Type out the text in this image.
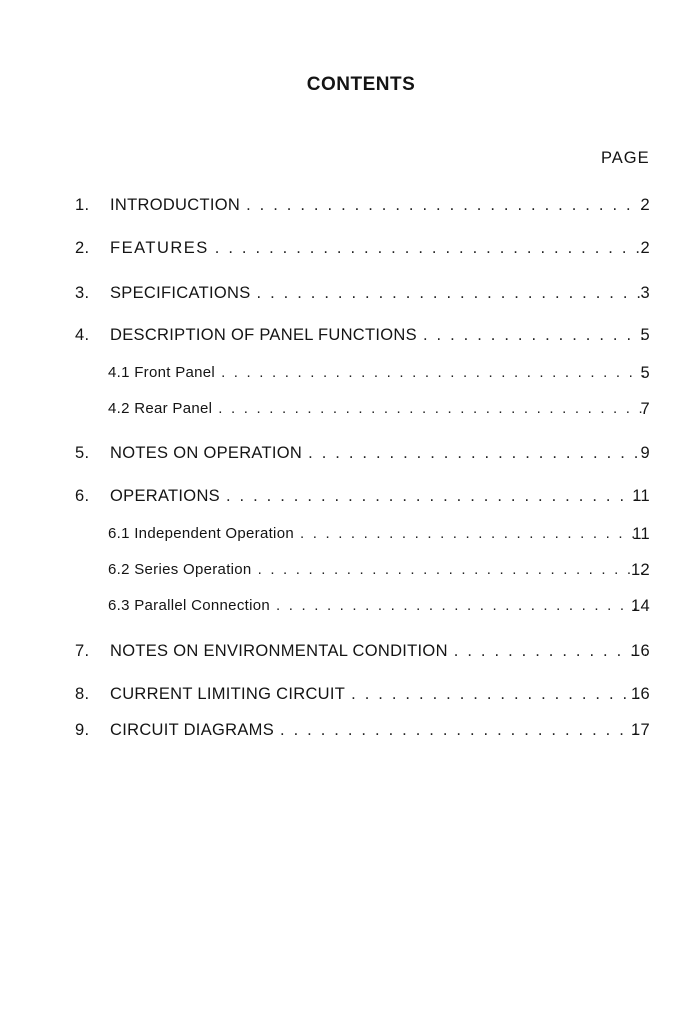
CONTENTS
PAGE
1. INTRODUCTION . . .	2
2. FEATURES . . .	2
3. SPECIFICATIONS . . .	3
4. DESCRIPTION OF PANEL FUNCTIONS . . .	5
4.1 Front Panel . . .	5
4.2 Rear Panel . . .	7
5. NOTES ON OPERATION . . .	9
6. OPERATIONS . . .	11
6.1 Independent Operation . . .	11
6.2 Series Operation . . .	12
6.3 Parallel Connection . . .	14
7. NOTES ON ENVIRONMENTAL CONDITION . . .	16
8. CURRENT LIMITING CIRCUIT . . .	16
9. CIRCUIT DIAGRAMS . . .	17
